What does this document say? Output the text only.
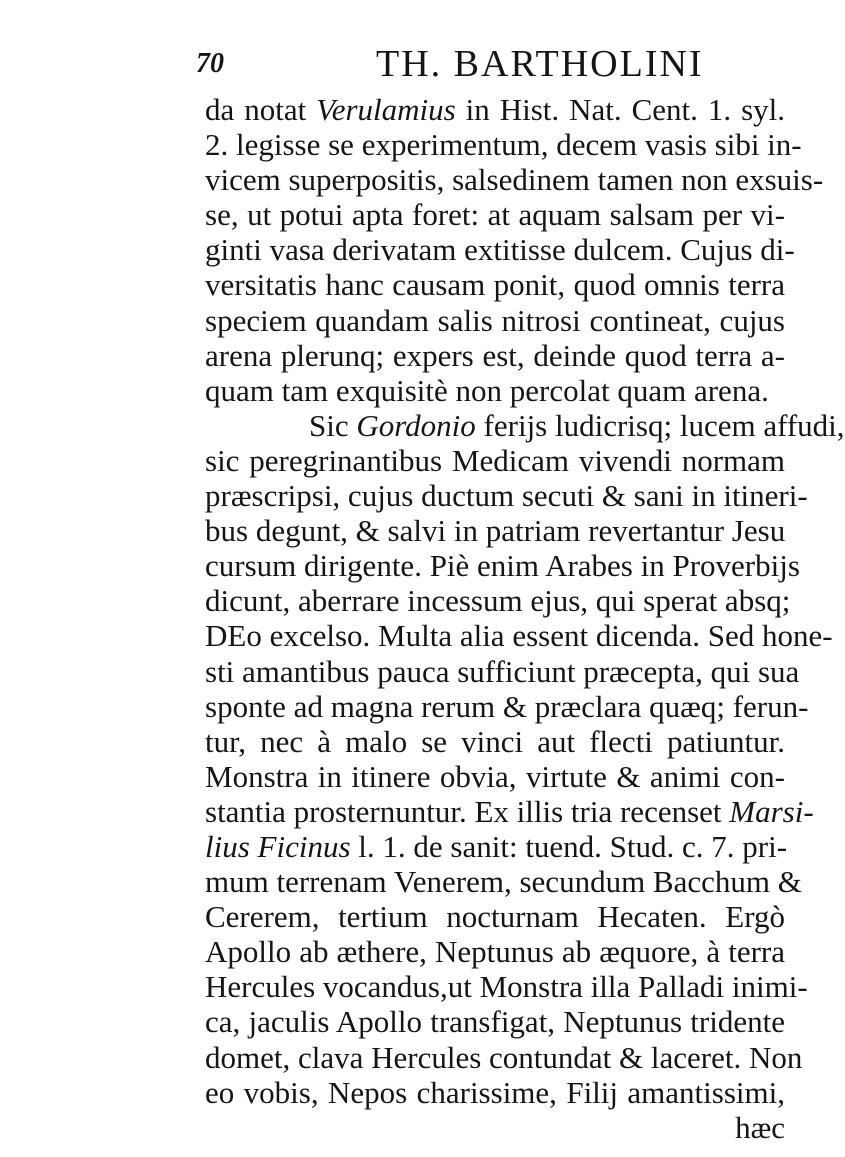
70	TH. BARTHOLINI
da notat Verulamius in Hist. Nat. Cent. 1. syl.
2. legisse se experimentum, decem vasis sibi in-
vicem superpositis, salsedinem tamen non exsuis-
se, ut potui apta foret: at aquam salsam per vi-
ginti vasa derivatam extitisse dulcem. Cujus di-
versitatis hanc causam ponit, quod omnis terra
speciem quandam salis nitrosi contineat, cujus
arena plerunq; expers est, deinde quod terra a-
quam tam exquisitè non percolat quam arena.
Sic Gordonio ferijs ludicrisq; lucem affudi,
sic peregrinantibus Medicam vivendi normam
præscripsi, cujus ductum secuti & sani in itineri-
bus degunt, & salvi in patriam revertantur Jesu
cursum dirigente. Piè enim Arabes in Proverbijs
dicunt, aberrare incessum ejus, qui sperat absq;
DEo excelso. Multa alia essent dicenda. Sed hone-
sti amantibus pauca sufficiunt præcepta, qui sua
sponte ad magna rerum & præclara quæq; ferun-
tur, nec à malo se vinci aut flecti patiuntur.
Monstra in itinere obvia, virtute & animi con-
stantia prosternuntur. Ex illis tria recenset Marsi-
lius Ficinus l. 1. de sanit: tuend. Stud. c. 7. pri-
mum terrenam Venerem, secundum Bacchum &
Cererem, tertium nocturnam Hecaten. Ergò
Apollo ab æthere, Neptunus ab æquore, à terra
Hercules vocandus,ut Monstra illa Palladi inimi-
ca, jaculis Apollo transfigat, Neptunus tridente
domet, clava Hercules contundat & laceret. Non
eo vobis, Nepos charissime, Filij amantissimi,
hæc
